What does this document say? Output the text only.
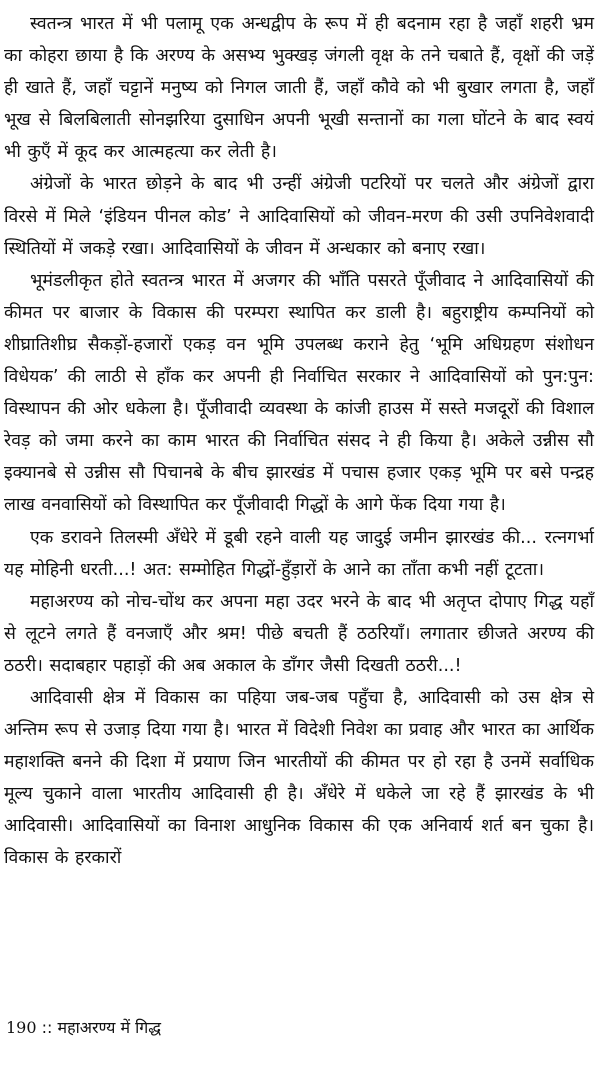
स्वतन्त्र भारत में भी पलामू एक अन्धद्वीप के रूप में ही बदनाम रहा है जहाँ शहरी भ्रम का कोहरा छाया है कि अरण्य के असभ्य भुक्खड़ जंगली वृक्ष के तने चबाते हैं, वृक्षों की जड़ें ही खाते हैं, जहाँ चट्टानें मनुष्य को निगल जाती हैं, जहाँ कौवे को भी बुखार लगता है, जहाँ भूख से बिलबिलाती सोनझरिया दुसाधिन अपनी भूखी सन्तानों का गला घोंटने के बाद स्वयं भी कुएँ में कूद कर आत्महत्या कर लेती है।

अंग्रेजों के भारत छोड़ने के बाद भी उन्हीं अंग्रेजी पटरियों पर चलते और अंग्रेजों द्वारा विरसे में मिले ‘इंडियन पीनल कोड’ ने आदिवासियों को जीवन-मरण की उसी उपनिवेशवादी स्थितियों में जकड़े रखा। आदिवासियों के जीवन में अन्धकार को बनाए रखा।

भूमंडलीकृत होते स्वतन्त्र भारत में अजगर की भाँति पसरते पूँजीवाद ने आदिवासियों की कीमत पर बाजार के विकास की परम्परा स्थापित कर डाली है। बहुराष्ट्रीय कम्पनियों को शीघ्रातिशीघ्र सैकड़ों-हजारों एकड़ वन भूमि उपलब्ध कराने हेतु ‘भूमि अधिग्रहण संशोधन विधेयक’ की लाठी से हाँक कर अपनी ही निर्वाचित सरकार ने आदिवासियों को पुन:पुन: विस्थापन की ओर धकेला है। पूँजीवादी व्यवस्था के कांजी हाउस में सस्ते मजदूरों की विशाल रेवड़ को जमा करने का काम भारत की निर्वाचित संसद ने ही किया है। अकेले उन्नीस सौ इक्यानबे से उन्नीस सौ पिचानबे के बीच झारखंड में पचास हजार एकड़ भूमि पर बसे पन्द्रह लाख वनवासियों को विस्थापित कर पूँजीवादी गिद्धों के आगे फेंक दिया गया है।

एक डरावने तिलस्मी अँधेरे में डूबी रहने वाली यह जादुई जमीन झारखंड की... रत्नगर्भा यह मोहिनी धरती...! अत: सम्मोहित गिद्धों-हुँड़ारों के आने का ताँता कभी नहीं टूटता।

महाअरण्य को नोच-चोंथ कर अपना महा उदर भरने के बाद भी अतृप्त दोपाए गिद्ध यहाँ से लूटने लगते हैं वनजाएँ और श्रम! पीछे बचती हैं ठठरियाँ। लगातार छीजते अरण्य की ठठरी। सदाबहार पहाड़ों की अब अकाल के डाँगर जैसी दिखती ठठरी...!

आदिवासी क्षेत्र में विकास का पहिया जब-जब पहुँचा है, आदिवासी को उस क्षेत्र से अन्तिम रूप से उजाड़ दिया गया है। भारत में विदेशी निवेश का प्रवाह और भारत का आर्थिक महाशक्ति बनने की दिशा में प्रयाण जिन भारतीयों की कीमत पर हो रहा है उनमें सर्वाधिक मूल्य चुकाने वाला भारतीय आदिवासी ही है। अँधेरे में धकेले जा रहे हैं झारखंड के भी आदिवासी। आदिवासियों का विनाश आधुनिक विकास की एक अनिवार्य शर्त बन चुका है। विकास के हरकारों

190 :: महाअरण्य में गिद्ध
